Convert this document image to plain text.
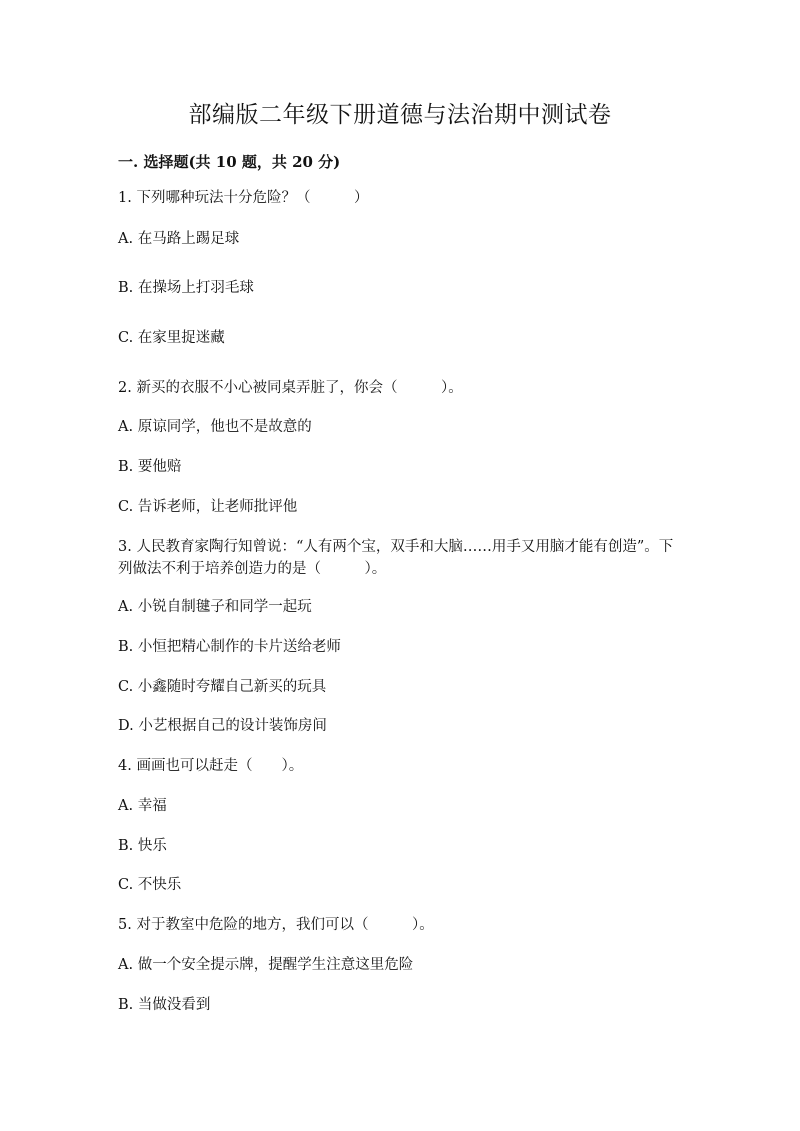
部编版二年级下册道德与法治期中测试卷
一. 选择题(共 10 题，共 20 分)
1. 下列哪种玩法十分危险？（　　　）
A. 在马路上踢足球
B. 在操场上打羽毛球
C. 在家里捉迷藏
2. 新买的衣服不小心被同桌弄脏了，你会（　　　）。
A. 原谅同学，他也不是故意的
B. 要他赔
C. 告诉老师，让老师批评他
3. 人民教育家陶行知曾说：“人有两个宝，双手和大脑……用手又用脑才能有创造”。下列做法不利于培养创造力的是（　　　）。
A. 小锐自制毽子和同学一起玩
B. 小恒把精心制作的卡片送给老师
C. 小鑫随时夸耀自己新买的玩具
D. 小艺根据自己的设计装饰房间
4. 画画也可以赶走（　　）。
A. 幸福
B. 快乐
C. 不快乐
5. 对于教室中危险的地方，我们可以（　　　）。
A. 做一个安全提示牌，提醒学生注意这里危险
B. 当做没看到
